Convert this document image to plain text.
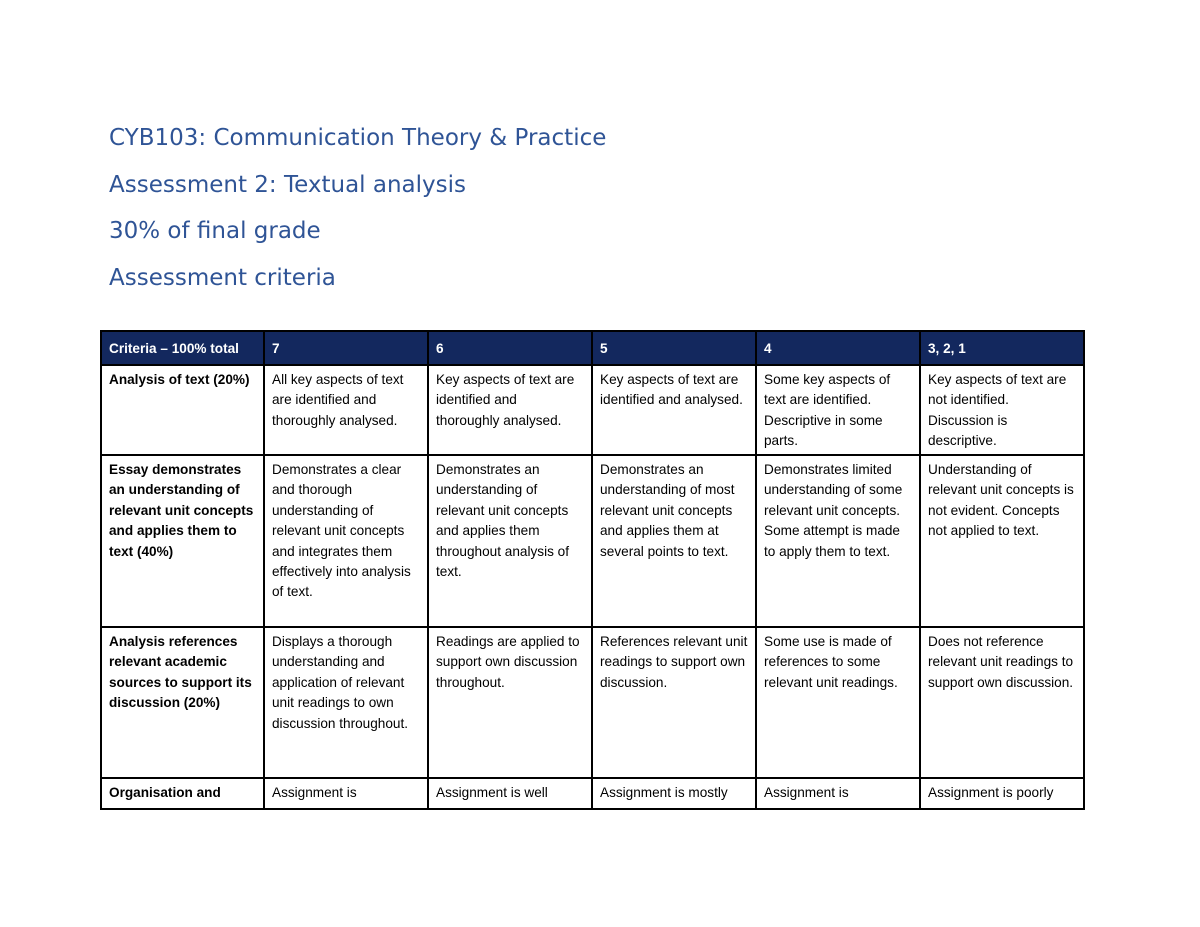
CYB103: Communication Theory & Practice
Assessment 2: Textual analysis
30% of final grade
Assessment criteria
Criteria – 100% total	7	6	5	4	3, 2, 1
Analysis of text (20%)	All key aspects of text are identified and thoroughly analysed.	Key aspects of text are identified and thoroughly analysed.	Key aspects of text are identified and analysed.	Some key aspects of text are identified. Descriptive in some parts.	Key aspects of text are not identified. Discussion is descriptive.
Essay demonstrates an understanding of relevant unit concepts and applies them to text (40%)	Demonstrates a clear and thorough understanding of relevant unit concepts and integrates them effectively into analysis of text.	Demonstrates an understanding of relevant unit concepts and applies them throughout analysis of text.	Demonstrates an understanding of most relevant unit concepts and applies them at several points to text.	Demonstrates limited understanding of some relevant unit concepts. Some attempt is made to apply them to text.	Understanding of relevant unit concepts is not evident. Concepts not applied to text.
Analysis references relevant academic sources to support its discussion (20%)	Displays a thorough understanding and application of relevant unit readings to own discussion throughout.	Readings are applied to support own discussion throughout.	References relevant unit readings to support own discussion.	Some use is made of references to some relevant unit readings.	Does not reference relevant unit readings to support own discussion.
Organisation and	Assignment is	Assignment is well	Assignment is mostly	Assignment is	Assignment is poorly
